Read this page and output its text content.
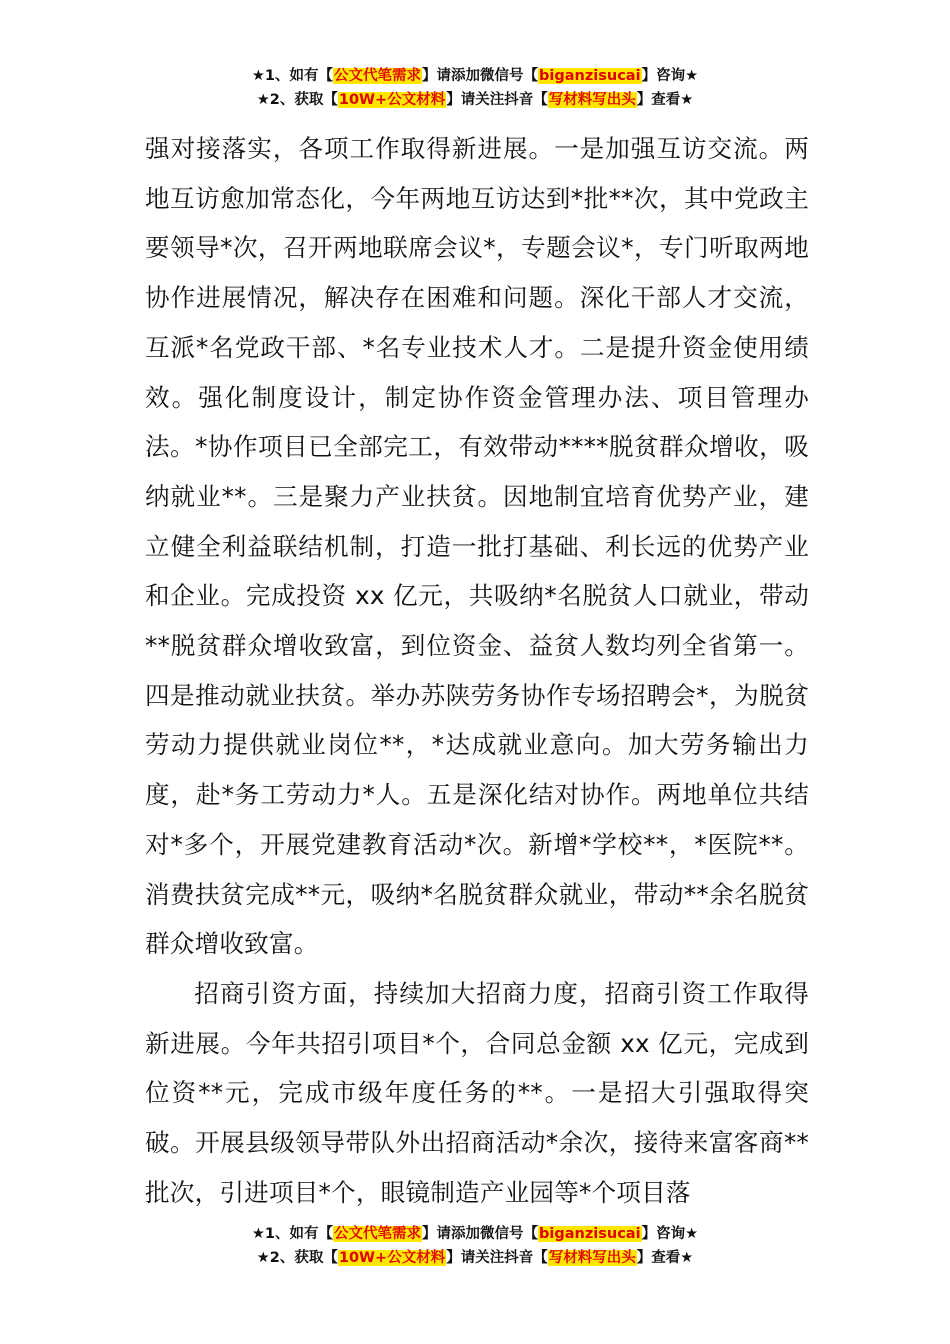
★1、如有【公文代笔需求】请添加微信号【biganzisucai】咨询★
★2、获取【10W+公文材料】请关注抖音【写材料写出头】查看★

强对接落实，各项工作取得新进展。一是加强互访交流。两地互访愈加常态化，今年两地互访达到*批**次，其中党政主要领导*次，召开两地联席会议*，专题会议*，专门听取两地协作进展情况，解决存在困难和问题。深化干部人才交流，互派*名党政干部、*名专业技术人才。二是提升资金使用绩效。强化制度设计，制定协作资金管理办法、项目管理办法。*协作项目已全部完工，有效带动****脱贫群众增收，吸纳就业**。三是聚力产业扶贫。因地制宜培育优势产业，建立健全利益联结机制，打造一批打基础、利长远的优势产业和企业。完成投资 xx 亿元，共吸纳*名脱贫人口就业，带动**脱贫群众增收致富，到位资金、益贫人数均列全省第一。四是推动就业扶贫。举办苏陕劳务协作专场招聘会*，为脱贫劳动力提供就业岗位**，*达成就业意向。加大劳务输出力度，赴*务工劳动力*人。五是深化结对协作。两地单位共结对*多个，开展党建教育活动*次。新增*学校**，*医院**。消费扶贫完成**元，吸纳*名脱贫群众就业，带动**余名脱贫群众增收致富。

招商引资方面，持续加大招商力度，招商引资工作取得新进展。今年共招引项目*个，合同总金额 xx 亿元，完成到位资**元，完成市级年度任务的**。一是招大引强取得突破。开展县级领导带队外出招商活动*余次，接待来富客商**批次，引进项目*个，眼镜制造产业园等*个项目落

★1、如有【公文代笔需求】请添加微信号【biganzisucai】咨询★
★2、获取【10W+公文材料】请关注抖音【写材料写出头】查看★
